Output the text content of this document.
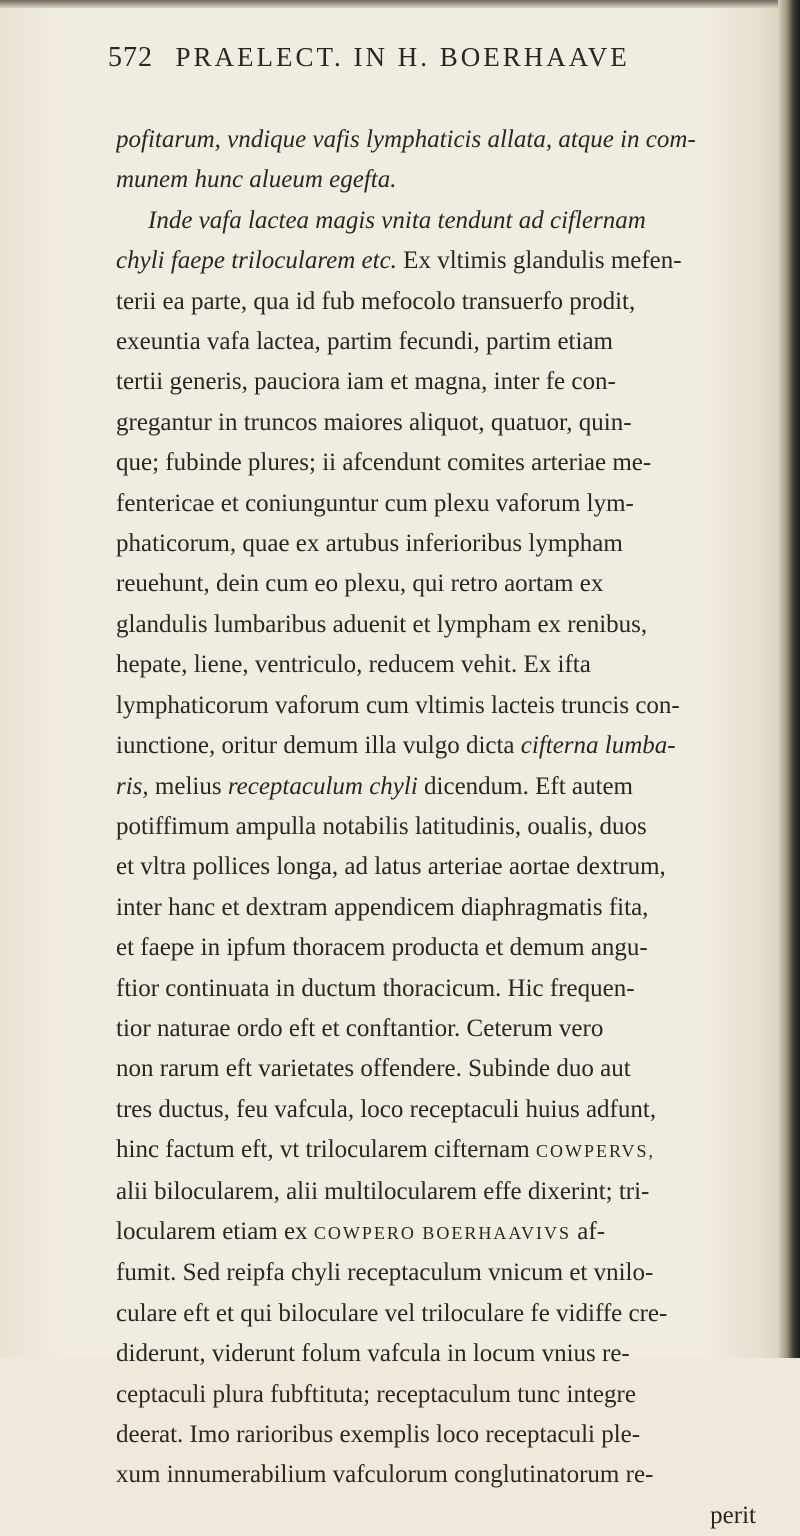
572 PRAELECT. IN H. BOERHAAVE
pofitarum, vndique vafis lymphaticis allata, atque in com-
munem hunc alueum egefta.
Inde vafa lactea magis vnita tendunt ad ciflernam
chyli faepe trilocularem etc. Ex vltimis glandulis mefen-
terii ea parte, qua id fub mefocolo transuerfo prodit,
exeuntia vafa lactea, partim fecundi, partim etiam
tertii generis, pauciora iam et magna, inter fe con-
gregantur in truncos maiores aliquot, quatuor, quin-
que; fubinde plures; ii afcendunt comites arteriae me-
fentericae et coniunguntur cum plexu vaforum lym-
phaticorum, quae ex artubus inferioribus lympham
reuehunt, dein cum eo plexu, qui retro aortam ex
glandulis lumbaribus aduenit et lympham ex renibus,
hepate, liene, ventriculo, reducem vehit. Ex ifta
lymphaticorum vaforum cum vltimis lacteis truncis con-
iunctione, oritur demum illa vulgo dicta cifterna lumba-
ris, melius receptaculum chyli dicendum. Eft autem
potiffimum ampulla notabilis latitudinis, oualis, duos
et vltra pollices longa, ad latus arteriae aortae dextrum,
inter hanc et dextram appendicem diaphragmatis fita,
et faepe in ipfum thoracem producta et demum angu-
ftior continuata in ductum thoracicum. Hic frequen-
tior naturae ordo eft et conftantior. Ceterum vero
non rarum eft varietates offendere. Subinde duo aut
tres ductus, feu vafcula, loco receptaculi huius adfunt,
hinc factum eft, vt trilocularem cifternam COWPERVS,
alii bilocularem, alii multilocularem effe dixerint; tri-
locularem etiam ex COWPERO BOERHAAVIVS af-
fumit. Sed reipfa chyli receptaculum vnicum et vnilo-
culare eft et qui biloculare vel triloculare fe vidiffe cre-
diderunt, viderunt folum vafcula in locum vnius re-
ceptaculi plura fubftituta; receptaculum tunc integre
deerat. Imo rarioribus exemplis loco receptaculi ple-
xum innumerabilium vafculorum conglutinatorum re-
perit
